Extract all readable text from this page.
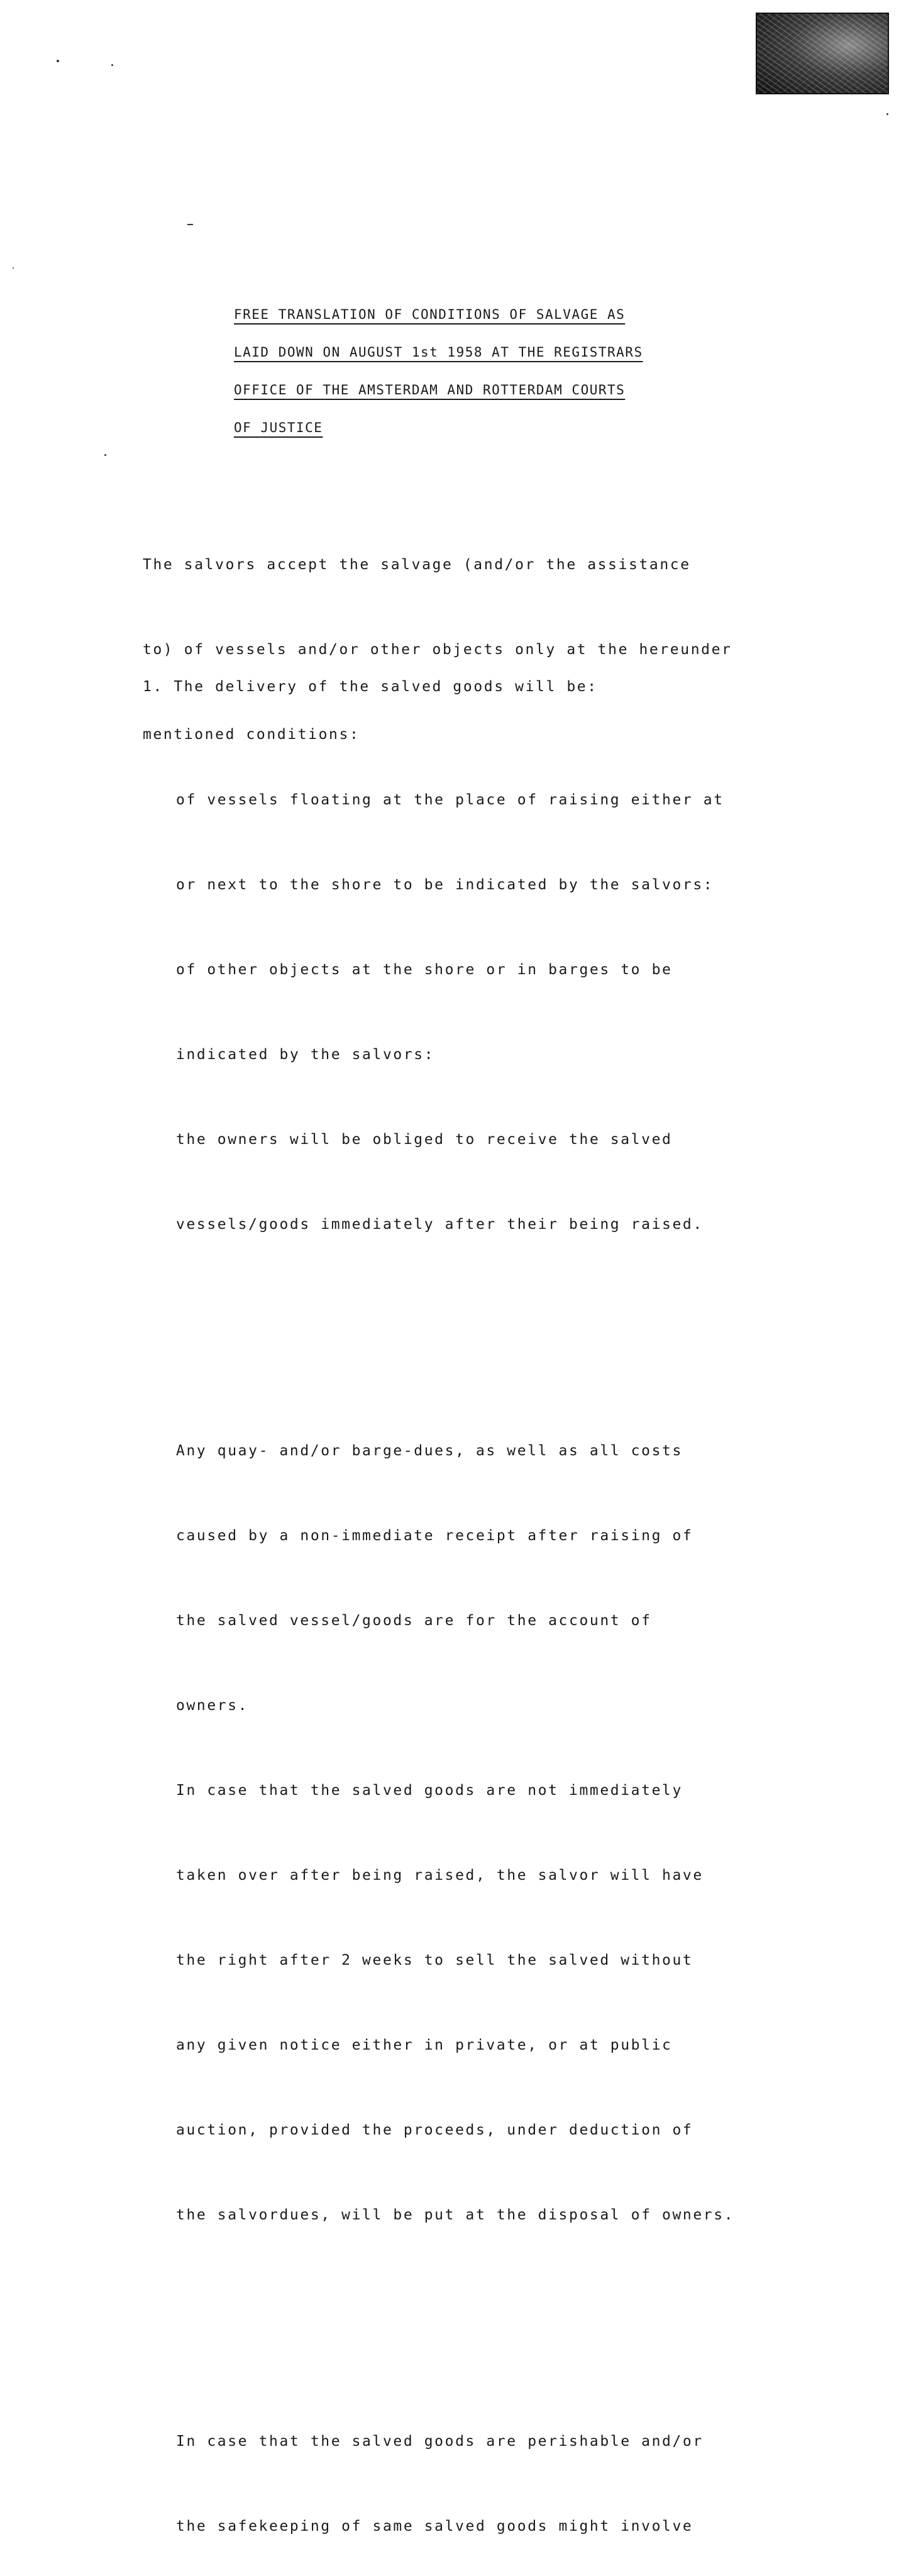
FREE TRANSLATION OF CONDITIONS OF SALVAGE AS
LAID DOWN ON AUGUST 1st 1958 AT THE REGISTRARS
OFFICE OF THE AMSTERDAM AND ROTTERDAM COURTS
OF JUSTICE

The salvors accept the salvage (and/or the assistance

to) of vessels and/or other objects only at the hereunder

mentioned conditions:

1. The delivery of the salved goods will be:

of vessels floating at the place of raising either at

or next to the shore to be indicated by the salvors:

of other objects at the shore or in barges to be

indicated by the salvors:

the owners will be obliged to receive the salved

vessels/goods immediately after their being raised.

Any quay- and/or barge-dues, as well as all costs

caused by a non-immediate receipt after raising of

the salved vessel/goods are for the account of

owners.

In case that the salved goods are not immediately

taken over after being raised, the salvor will have

the right after 2 weeks to sell the salved without

any given notice either in private, or at public

auction, provided the proceeds, under deduction of

the salvordues, will be put at the disposal of owners.

In case that the salved goods are perishable and/or

the safekeeping of same salved goods might involve
